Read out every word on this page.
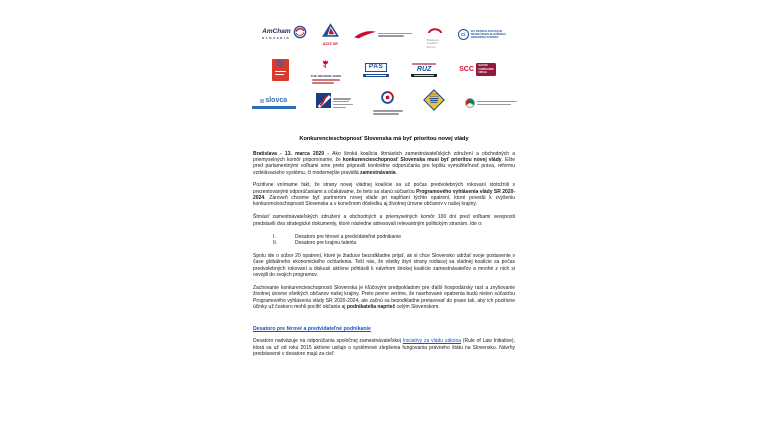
AmCham
SLOVAKIA
AZZZ SR
Business
Leaders
Forum
Ci
CCI FRANCO-SLOVAQUE
FRANCÚZSKO-SLOVENSKÁ
OBCHODNÁ KOMORA
⚙
THE NETHERLANDS
PAS	RÚZ	SCC
SLOVAK
COMPLIANCE
CIRCLE
slovca
Konkurencieschopnosť Slovenska má byť prioritou novej vlády

Bratislava - 13. marca 2020 - Ako široká koalícia štrnástich zamestnávateľských združení a obchodných a priemyselných komôr pripomíname, že konkurencieschopnosť Slovenska musí byť prioritou novej vlády. Ešte pred parlamentnými voľbami sme preto pripravili konkrétne odporúčania pre lepšiu vymožiteľnosť práva, reformu vzdelávacieho systému, či modernejšie pravidlá zamestnávania.

Pozitívne vnímame fakt, že strany novej vládnej koalície sa už počas predvolebných rokovaní stotožnili s prezentovanými odporúčaniami a očakávame, že tieto sa stanú súčasťou Programového vyhlásenia vlády SR 2020-2024. Zároveň chceme byť partnerom novej vláde pri napĺňaní týchto opatrení, ktoré povedú k zvýšeniu konkurencieschopnosti Slovenska a v konečnom dôsledku aj životnej úrovne občanov v našej krajiny.

Štrnásť zamestnávateľských združení a obchodných a priemyselných komôr 100 dní pred voľbami verejnosti predstavili dva strategické dokumenty, ktoré následne adresovali relevantným politickým stranám. Ide o:

I.	Desatoro pre férové a predvídateľné podnikanie
II.	Desatoro pre krajinu talentu

Spolu ide o súbor 20 opatrení, ktoré je žiaduce bezodkladne prijať, ak si chce Slovensko udržať svoje postavenie v čase globálneho ekonomického ochladenia. Teší nás, že všetky štyri strany rodiacej sa vládnej koalície sa počas predvolebných rokovaní a diskusií aktívne prihlásili k návrhom širokej koalície zamestnávateľov a mnohé z nich si osvojili do svojich programov.

Zachovanie konkurencieschopnosti Slovenska je kľúčovým predpokladom pre ďalší hospodársky rast a zvyšovanie životnej úrovne všetkých občanov našej krajiny. Preto pevne veríme, že navrhované opatrenia budú nielen súčasťou Programového vyhlásenia vlády SR 2020-2024, ale začnú sa bezodkladne pretavovať do praxe tak, aby ich pozitívne účinky už čoskoro mohli pocítiť občania aj podnikatelia naprieč celým Slovenskom.

Desatoro pre férové a predvídateľné podnikanie

Desatoro nadväzuje na odporúčania spoločnej zamestnávateľskej Iniciatívy za vládu zákona (Rule of Law Initiative), ktorá sa už od roku 2015 aktívne usiluje o systémové zlepšenia fungovania právneho štátu na Slovensku. Návrhy predstavené v desatore majú za cieľ:
